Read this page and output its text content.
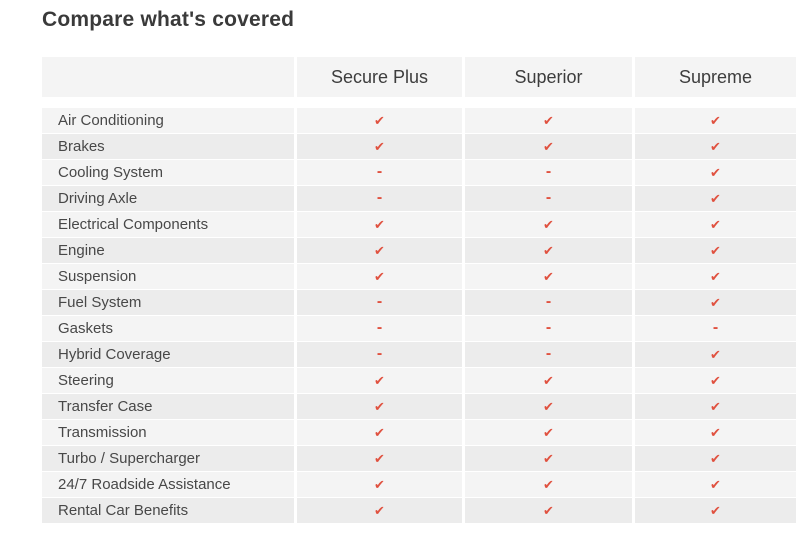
Compare what's covered
Secure Plus	Superior	Supreme
Air Conditioning	✔	✔	✔
Brakes	✔	✔	✔
Cooling System	-	-	✔
Driving Axle	-	-	✔
Electrical Components	✔	✔	✔
Engine	✔	✔	✔
Suspension	✔	✔	✔
Fuel System	-	-	✔
Gaskets	-	-	-
Hybrid Coverage	-	-	✔
Steering	✔	✔	✔
Transfer Case	✔	✔	✔
Transmission	✔	✔	✔
Turbo / Supercharger	✔	✔	✔
24/7 Roadside Assistance	✔	✔	✔
Rental Car Benefits	✔	✔	✔
